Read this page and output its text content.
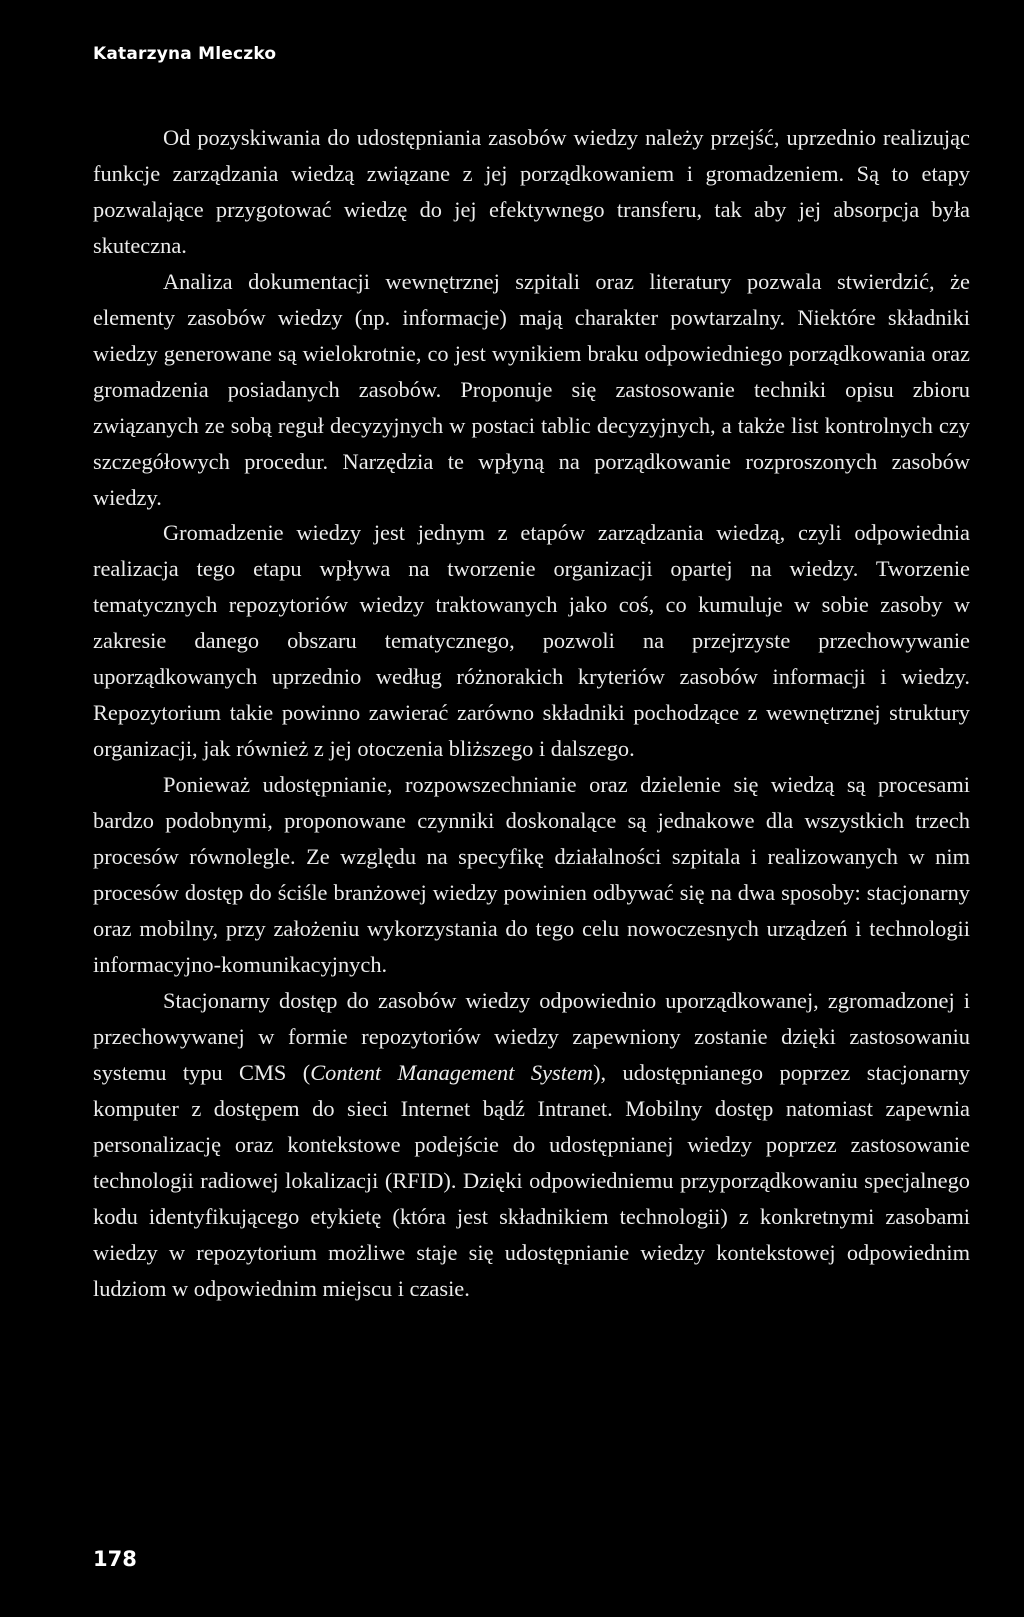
Katarzyna Mleczko

Od pozyskiwania do udostępniania zasobów wiedzy należy przejść, uprzednio realizując funkcje zarządzania wiedzą związane z jej porządkowaniem i gromadzeniem. Są to etapy pozwalające przygotować wiedzę do jej efektywnego transferu, tak aby jej absorpcja była skuteczna.

Analiza dokumentacji wewnętrznej szpitali oraz literatury pozwala stwierdzić, że elementy zasobów wiedzy (np. informacje) mają charakter powtarzalny. Niektóre składniki wiedzy generowane są wielokrotnie, co jest wynikiem braku odpowiedniego porządkowania oraz gromadzenia posiadanych zasobów. Proponuje się zastosowanie techniki opisu zbioru związanych ze sobą reguł decyzyjnych w postaci tablic decyzyjnych, a także list kontrolnych czy szczegółowych procedur. Narzędzia te wpłyną na porządkowanie rozproszonych zasobów wiedzy.

Gromadzenie wiedzy jest jednym z etapów zarządzania wiedzą, czyli odpowiednia realizacja tego etapu wpływa na tworzenie organizacji opartej na wiedzy. Tworzenie tematycznych repozytoriów wiedzy traktowanych jako coś, co kumuluje w sobie zasoby w zakresie danego obszaru tematycznego, pozwoli na przejrzyste przechowywanie uporządkowanych uprzednio według różnorakich kryteriów zasobów informacji i wiedzy. Repozytorium takie powinno zawierać zarówno składniki pochodzące z wewnętrznej struktury organizacji, jak również z jej otoczenia bliższego i dalszego.

Ponieważ udostępnianie, rozpowszechnianie oraz dzielenie się wiedzą są procesami bardzo podobnymi, proponowane czynniki doskonalące są jednakowe dla wszystkich trzech procesów równolegle. Ze względu na specyfikę działalności szpitala i realizowanych w nim procesów dostęp do ściśle branżowej wiedzy powinien odbywać się na dwa sposoby: stacjonarny oraz mobilny, przy założeniu wykorzystania do tego celu nowoczesnych urządzeń i technologii informacyjno-komunikacyjnych.

Stacjonarny dostęp do zasobów wiedzy odpowiednio uporządkowanej, zgromadzonej i przechowywanej w formie repozytoriów wiedzy zapewniony zostanie dzięki zastosowaniu systemu typu CMS (Content Management System), udostępnianego poprzez stacjonarny komputer z dostępem do sieci Internet bądź Intranet. Mobilny dostęp natomiast zapewnia personalizację oraz kontekstowe podejście do udostępnianej wiedzy poprzez zastosowanie technologii radiowej lokalizacji (RFID). Dzięki odpowiedniemu przyporządkowaniu specjalnego kodu identyfikującego etykietę (która jest składnikiem technologii) z konkretnymi zasobami wiedzy w repozytorium możliwe staje się udostępnianie wiedzy kontekstowej odpowiednim ludziom w odpowiednim miejscu i czasie.

178
